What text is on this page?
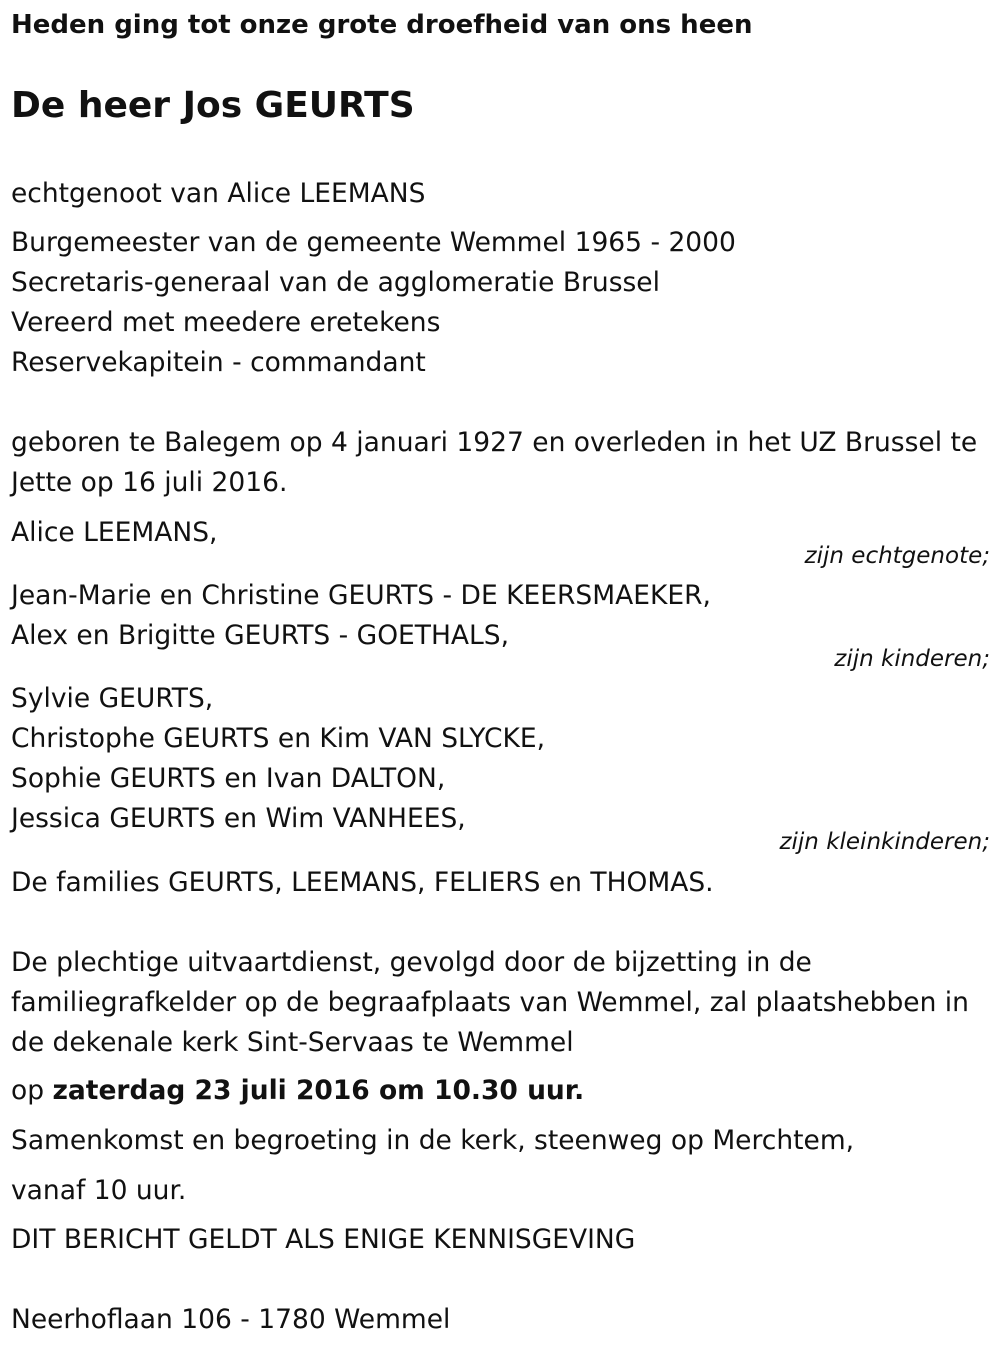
Heden ging tot onze grote droefheid van ons heen
De heer Jos GEURTS
echtgenoot van Alice LEEMANS
Burgemeester van de gemeente Wemmel 1965 - 2000
Secretaris-generaal van de agglomeratie Brussel
Vereerd met meedere eretekens
Reservekapitein - commandant
geboren te Balegem op 4 januari 1927 en overleden in het UZ Brussel te
Jette op 16 juli 2016.
Alice LEEMANS,
zijn echtgenote;
Jean-Marie en Christine GEURTS - DE KEERSMAEKER,
Alex en Brigitte GEURTS - GOETHALS,
zijn kinderen;
Sylvie GEURTS,
Christophe GEURTS en Kim VAN SLYCKE,
Sophie GEURTS en Ivan DALTON,
Jessica GEURTS en Wim VANHEES,
zijn kleinkinderen;
De families GEURTS, LEEMANS, FELIERS en THOMAS.
De plechtige uitvaartdienst, gevolgd door de bijzetting in de
familiegrafkelder op de begraafplaats van Wemmel, zal plaatshebben in
de dekenale kerk Sint-Servaas te Wemmel
op zaterdag 23 juli 2016 om 10.30 uur.
Samenkomst en begroeting in de kerk, steenweg op Merchtem,
vanaf 10 uur.
DIT BERICHT GELDT ALS ENIGE KENNISGEVING
Neerhoflaan 106 - 1780 Wemmel
